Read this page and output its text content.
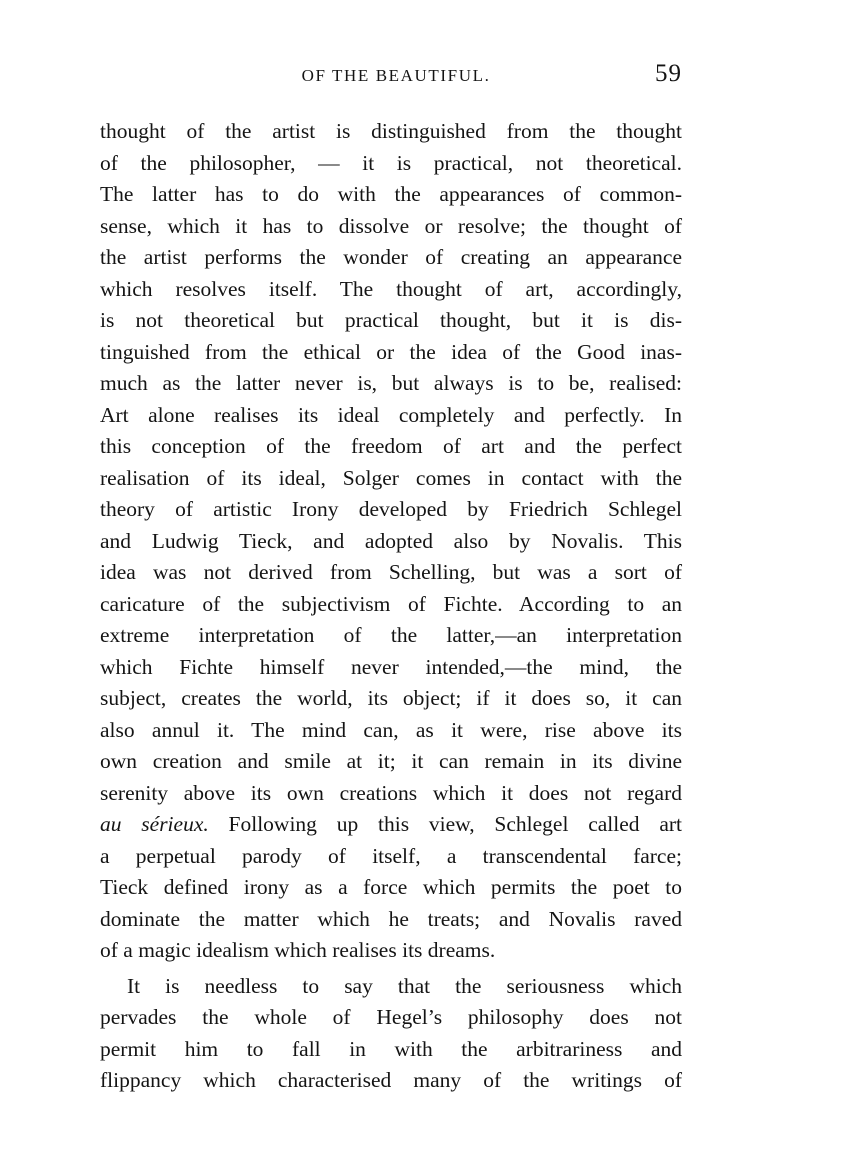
OF THE BEAUTIFUL.	59
thought of the artist is distinguished from the thought
of the philosopher, — it is practical, not theoretical.
The latter has to do with the appearances of common-
sense, which it has to dissolve or resolve; the thought of
the artist performs the wonder of creating an appearance
which resolves itself. The thought of art, accordingly,
is not theoretical but practical thought, but it is dis-
tinguished from the ethical or the idea of the Good inas-
much as the latter never is, but always is to be, realised:
Art alone realises its ideal completely and perfectly. In
this conception of the freedom of art and the perfect
realisation of its ideal, Solger comes in contact with the
theory of artistic Irony developed by Friedrich Schlegel
and Ludwig Tieck, and adopted also by Novalis. This
idea was not derived from Schelling, but was a sort of
caricature of the subjectivism of Fichte. According to an
extreme interpretation of the latter,—an interpretation
which Fichte himself never intended,—the mind, the
subject, creates the world, its object; if it does so, it can
also annul it. The mind can, as it were, rise above its
own creation and smile at it; it can remain in its divine
serenity above its own creations which it does not regard
au sérieux. Following up this view, Schlegel called art
a perpetual parody of itself, a transcendental farce;
Tieck defined irony as a force which permits the poet to
dominate the matter which he treats; and Novalis raved
of a magic idealism which realises its dreams.
It is needless to say that the seriousness which
pervades the whole of Hegel’s philosophy does not
permit him to fall in with the arbitrariness and
flippancy which characterised many of the writings of
